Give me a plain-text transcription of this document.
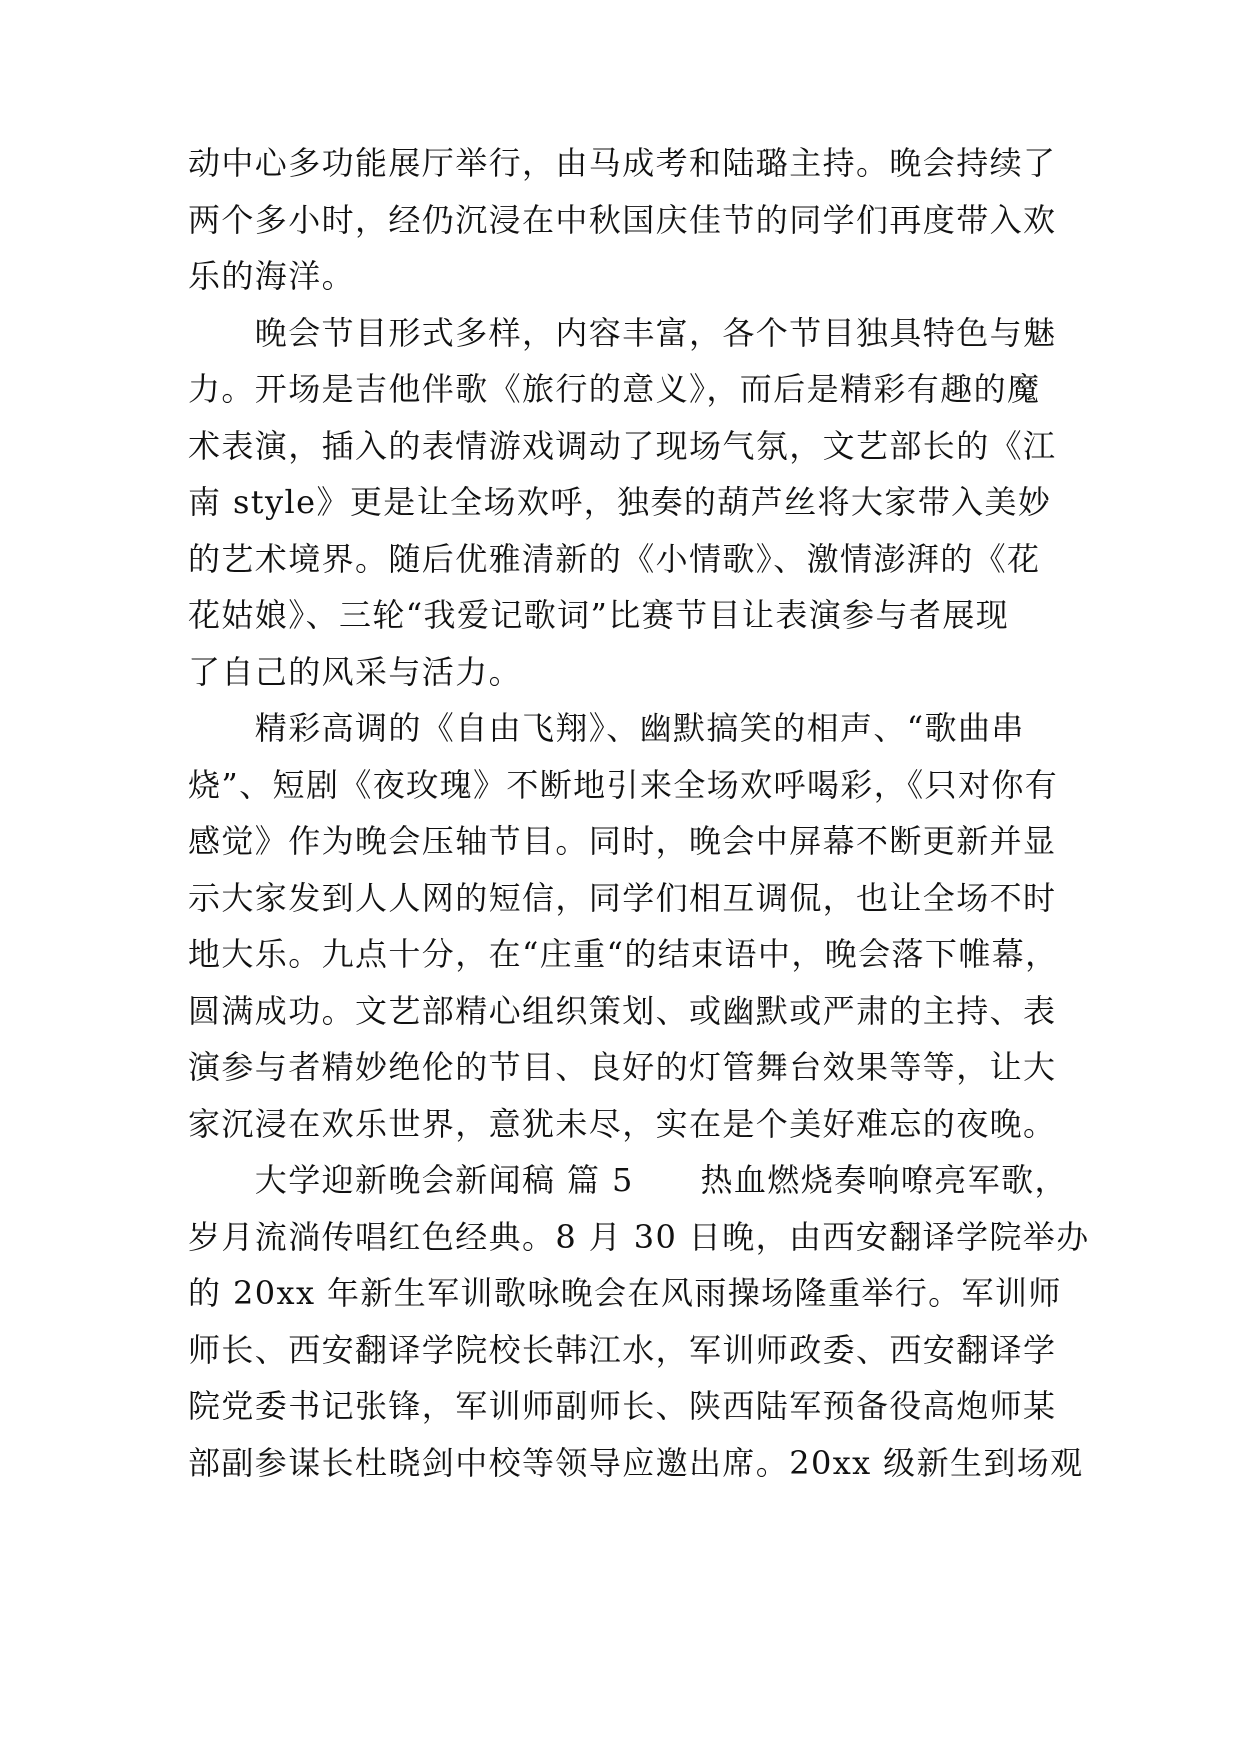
动中心多功能展厅举行，由马成考和陆璐主持。晚会持续了
两个多小时，经仍沉浸在中秋国庆佳节的同学们再度带入欢
乐的海洋。
　　晚会节目形式多样，内容丰富，各个节目独具特色与魅
力。开场是吉他伴歌《旅行的意义》，而后是精彩有趣的魔
术表演，插入的表情游戏调动了现场气氛，文艺部长的《江
南 style》更是让全场欢呼，独奏的葫芦丝将大家带入美妙
的艺术境界。随后优雅清新的《小情歌》、激情澎湃的《花
花姑娘》、三轮“我爱记歌词”比赛节目让表演参与者展现
了自己的风采与活力。
　　精彩高调的《自由飞翔》、幽默搞笑的相声、“歌曲串
烧”、短剧《夜玫瑰》不断地引来全场欢呼喝彩，《只对你有
感觉》作为晚会压轴节目。同时，晚会中屏幕不断更新并显
示大家发到人人网的短信，同学们相互调侃，也让全场不时
地大乐。九点十分，在“庄重“的结束语中，晚会落下帷幕，
圆满成功。文艺部精心组织策划、或幽默或严肃的主持、表
演参与者精妙绝伦的节目、良好的灯管舞台效果等等，让大
家沉浸在欢乐世界，意犹未尽，实在是个美好难忘的夜晚。
　　大学迎新晚会新闻稿 篇 5　　热血燃烧奏响嘹亮军歌，
岁月流淌传唱红色经典。8 月 30 日晚，由西安翻译学院举办
的 20xx 年新生军训歌咏晚会在风雨操场隆重举行。军训师
师长、西安翻译学院校长韩江水，军训师政委、西安翻译学
院党委书记张锋，军训师副师长、陕西陆军预备役高炮师某
部副参谋长杜晓剑中校等领导应邀出席。20xx 级新生到场观
